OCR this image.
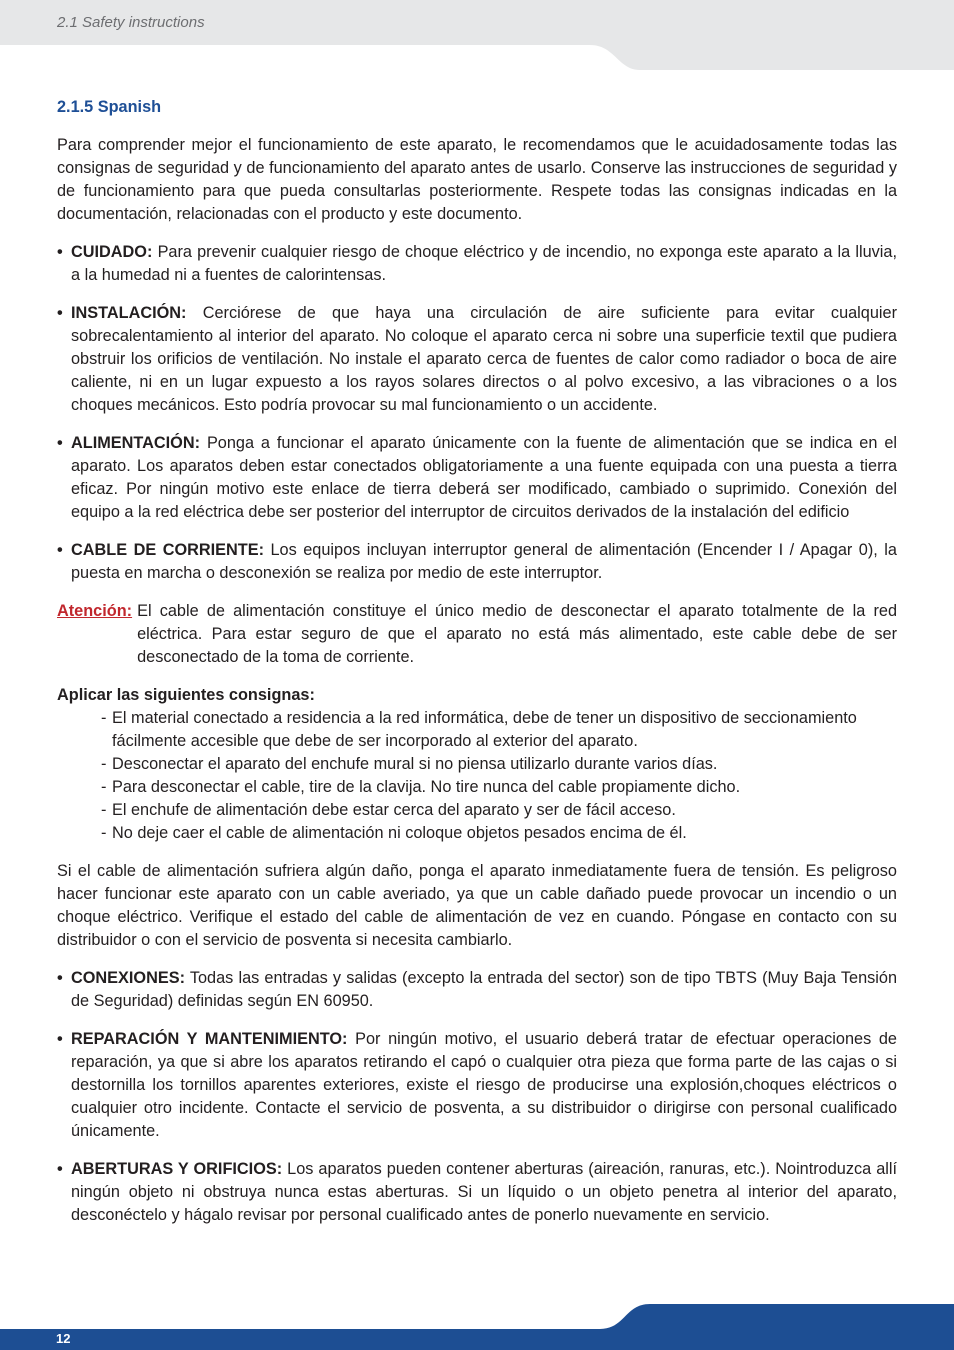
2.1 Safety instructions
2.1.5 Spanish

Para comprender mejor el funcionamiento de este aparato, le recomendamos que le acuidadosamente todas las consignas de seguridad y de funcionamiento del aparato antes de usarlo. Conserve las instrucciones de seguridad y de funcionamiento para que pueda consultarlas posteriormente. Respete todas las consignas indicadas en la documentación, relacionadas con el producto y este documento.

• CUIDADO: Para prevenir cualquier riesgo de choque eléctrico y de incendio, no exponga este aparato a la lluvia, a la humedad ni a fuentes de calorintensas.
• INSTALACIÓN: Cerciórese de que haya una circulación de aire suficiente para evitar cualquier sobrecalentamiento al interior del aparato. No coloque el aparato cerca ni sobre una superficie textil que pudiera obstruir los orificios de ventilación. No instale el aparato cerca de fuentes de calor como radiador o boca de aire caliente, ni en un lugar expuesto a los rayos solares directos o al polvo excesivo, a las vibraciones o a los choques mecánicos. Esto podría provocar su mal funcionamiento o un accidente.
• ALIMENTACIÓN: Ponga a funcionar el aparato únicamente con la fuente de alimentación que se indica en el aparato. Los aparatos deben estar conectados obligatoriamente a una fuente equipada con una puesta a tierra eficaz. Por ningún motivo este enlace de tierra deberá ser modificado, cambiado o suprimido. Conexión del equipo a la red eléctrica debe ser posterior del interruptor de circuitos derivados de la instalación del edificio
• CABLE DE CORRIENTE: Los equipos incluyan interruptor general de alimentación (Encender I / Apagar 0), la puesta en marcha o desconexión se realiza por medio de este interruptor.
Atención: El cable de alimentación constituye el único medio de desconectar el aparato totalmente de la red eléctrica. Para estar seguro de que el aparato no está más alimentado, este cable debe de ser desconectado de la toma de corriente.
Aplicar las siguientes consignas:
- El material conectado a residencia a la red informática, debe de tener un dispositivo de seccionamiento fácilmente accesible que debe de ser incorporado al exterior del aparato.
- Desconectar el aparato del enchufe mural si no piensa utilizarlo durante varios días.
- Para desconectar el cable, tire de la clavija. No tire nunca del cable propiamente dicho.
- El enchufe de alimentación debe estar cerca del aparato y ser de fácil acceso.
- No deje caer el cable de alimentación ni coloque objetos pesados encima de él.

Si el cable de alimentación sufriera algún daño, ponga el aparato inmediatamente fuera de tensión. Es peligroso hacer funcionar este aparato con un cable averiado, ya que un cable dañado puede provocar un incendio o un choque eléctrico. Verifique el estado del cable de alimentación de vez en cuando. Póngase en contacto con su distribuidor o con el servicio de posventa si necesita cambiarlo.

• CONEXIONES: Todas las entradas y salidas (excepto la entrada del sector) son de tipo TBTS (Muy Baja Tensión de Seguridad) definidas según EN 60950.
• REPARACIÓN Y MANTENIMIENTO: Por ningún motivo, el usuario deberá tratar de efectuar operaciones de reparación, ya que si abre los aparatos retirando el capó o cualquier otra pieza que forma parte de las cajas o si destornilla los tornillos aparentes exteriores, existe el riesgo de producirse una explosión,choques eléctricos o cualquier otro incidente. Contacte el servicio de posventa, a su distribuidor o dirigirse con personal cualificado únicamente.
• ABERTURAS Y ORIFICIOS: Los aparatos pueden contener aberturas (aireación, ranuras, etc.). Nointroduzca allí ningún objeto ni obstruya nunca estas aberturas. Si un líquido o un objeto penetra al interior del aparato, desconéctelo y hágalo revisar por personal cualificado antes de ponerlo nuevamente en servicio.
12
